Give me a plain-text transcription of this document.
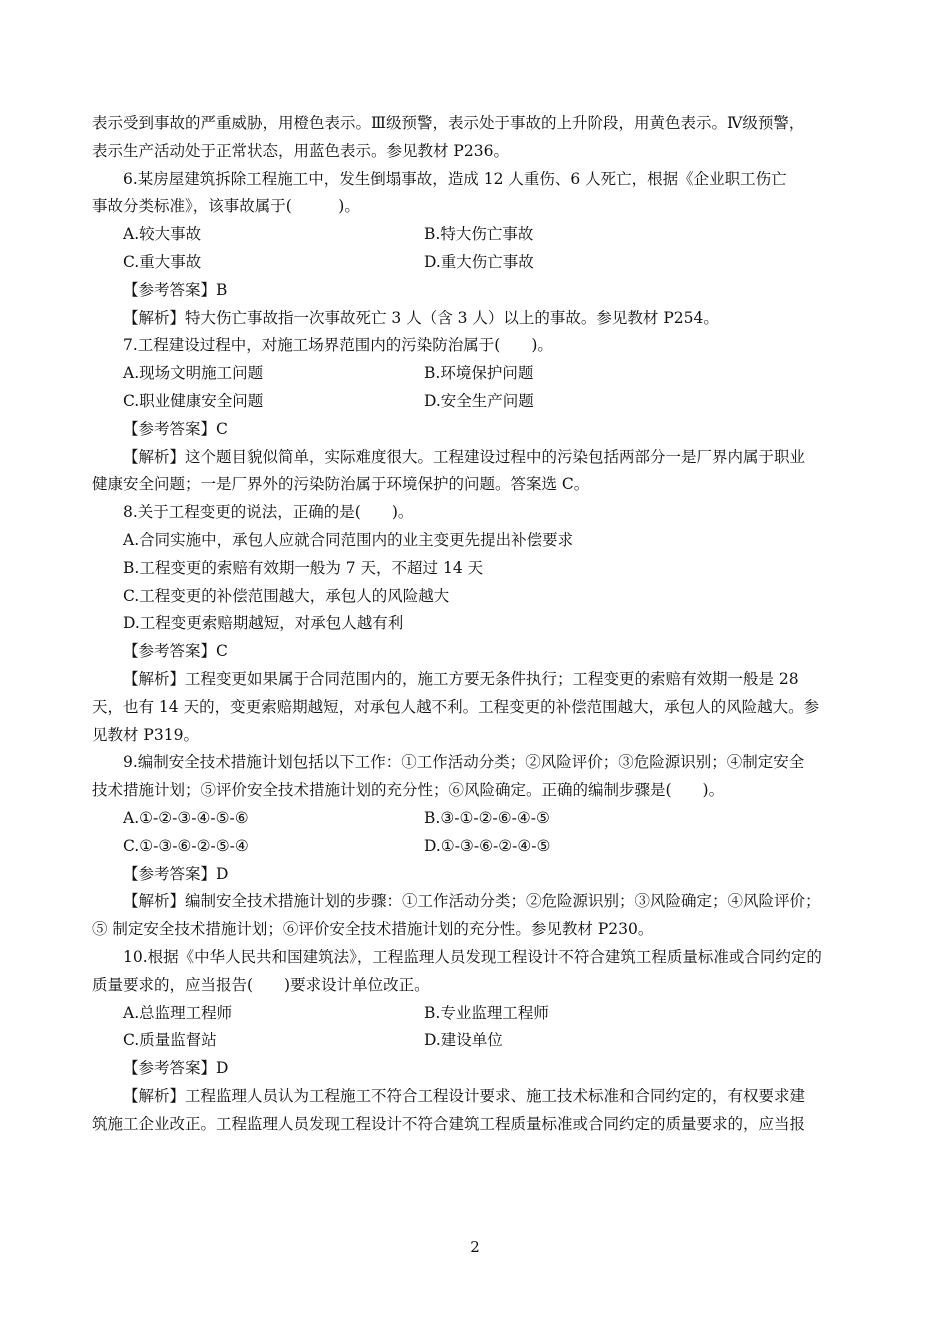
表示受到事故的严重威胁，用橙色表示。Ⅲ级预警，表示处于事故的上升阶段，用黄色表示。Ⅳ级预警，
表示生产活动处于正常状态，用蓝色表示。参见教材 P236。
6.某房屋建筑拆除工程施工中，发生倒塌事故，造成 12 人重伤、6 人死亡，根据《企业职工伤亡
事故分类标准》，该事故属于(　　　)。
A.较大事故	B.特大伤亡事故
C.重大事故	D.重大伤亡事故
【参考答案】B
【解析】特大伤亡事故指一次事故死亡 3 人（含 3 人）以上的事故。参见教材 P254。
7.工程建设过程中，对施工场界范围内的污染防治属于(　　)。
A.现场文明施工问题	B.环境保护问题
C.职业健康安全问题	D.安全生产问题
【参考答案】C
【解析】这个题目貌似简单，实际难度很大。工程建设过程中的污染包括两部分一是厂界内属于职业
健康安全问题；一是厂界外的污染防治属于环境保护的问题。答案选 C。
8.关于工程变更的说法，正确的是(　　)。
A.合同实施中，承包人应就合同范围内的业主变更先提出补偿要求
B.工程变更的索赔有效期一般为 7 天，不超过 14 天
C.工程变更的补偿范围越大，承包人的风险越大
D.工程变更索赔期越短，对承包人越有利
【参考答案】C
【解析】工程变更如果属于合同范围内的，施工方要无条件执行；工程变更的索赔有效期一般是 28
天，也有 14 天的，变更索赔期越短，对承包人越不利。工程变更的补偿范围越大，承包人的风险越大。参
见教材 P319。
9.编制安全技术措施计划包括以下工作：①工作活动分类；②风险评价；③危险源识别；④制定安全
技术措施计划；⑤评价安全技术措施计划的充分性；⑥风险确定。正确的编制步骤是(　　)。
A.①-②-③-④-⑤-⑥	B.③-①-②-⑥-④-⑤
C.①-③-⑥-②-⑤-④	D.①-③-⑥-②-④-⑤
【参考答案】D
【解析】编制安全技术措施计划的步骤：①工作活动分类；②危险源识别；③风险确定；④风险评价；
⑤ 制定安全技术措施计划；⑥评价安全技术措施计划的充分性。参见教材 P230。
10.根据《中华人民共和国建筑法》，工程监理人员发现工程设计不符合建筑工程质量标准或合同约定的
质量要求的，应当报告(　　)要求设计单位改正。
A.总监理工程师	B.专业监理工程师
C.质量监督站	D.建设单位
【参考答案】D
【解析】工程监理人员认为工程施工不符合工程设计要求、施工技术标准和合同约定的，有权要求建
筑施工企业改正。工程监理人员发现工程设计不符合建筑工程质量标准或合同约定的质量要求的，应当报
2
